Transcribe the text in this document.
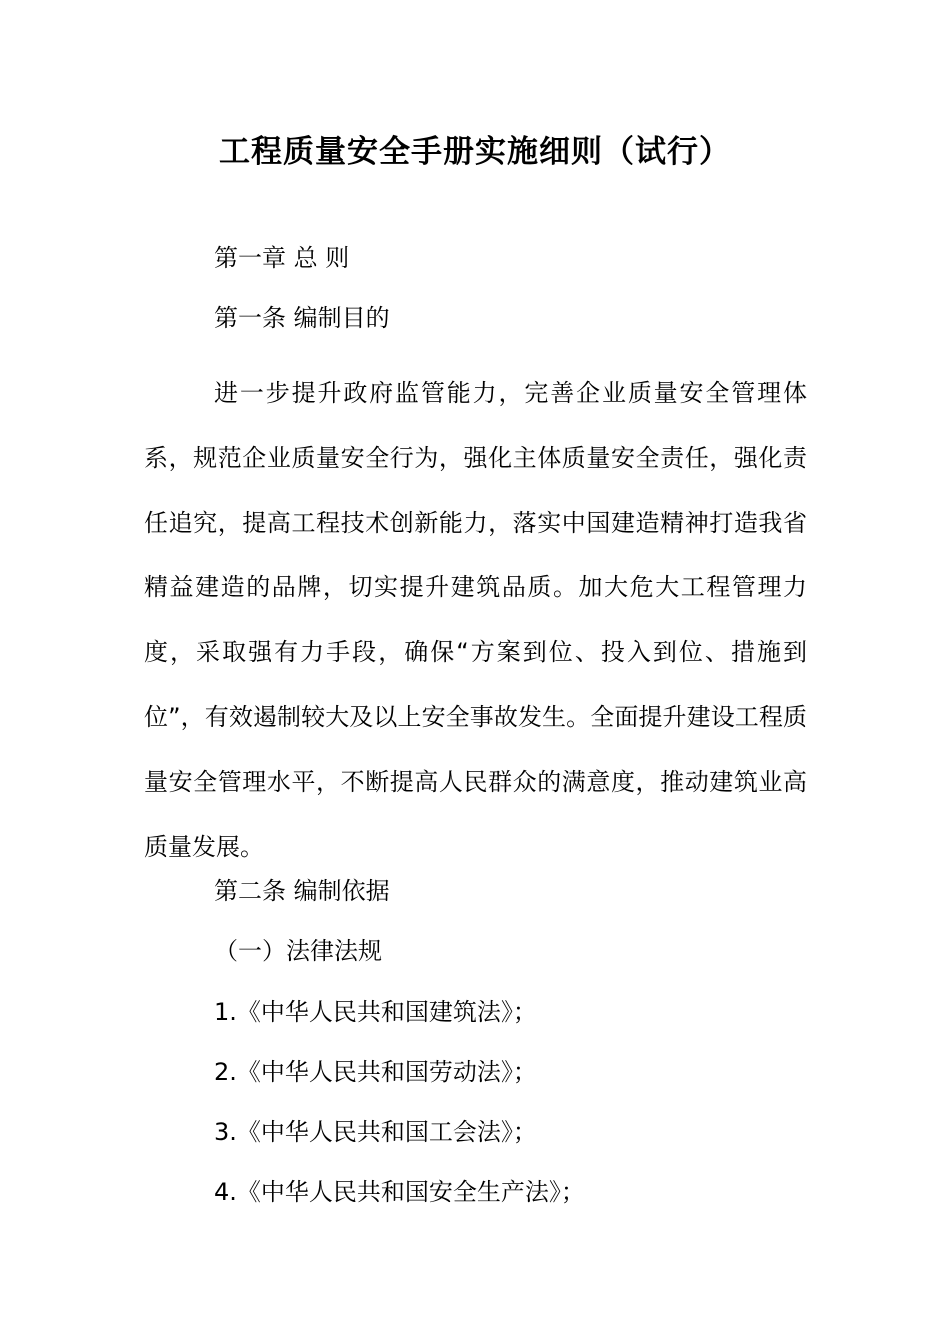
工程质量安全手册实施细则（试行）
第一章 总 则
第一条 编制目的
进一步提升政府监管能力，完善企业质量安全管理体系，规范企业质量安全行为，强化主体质量安全责任，强化责任追究，提高工程技术创新能力，落实中国建造精神打造我省精益建造的品牌，切实提升建筑品质。加大危大工程管理力度，采取强有力手段，确保“方案到位、投入到位、措施到位”，有效遏制较大及以上安全事故发生。全面提升建设工程质量安全管理水平，不断提高人民群众的满意度，推动建筑业高质量发展。
第二条 编制依据
（一）法律法规
1.《中华人民共和国建筑法》；
2.《中华人民共和国劳动法》；
3.《中华人民共和国工会法》；
4.《中华人民共和国安全生产法》；
